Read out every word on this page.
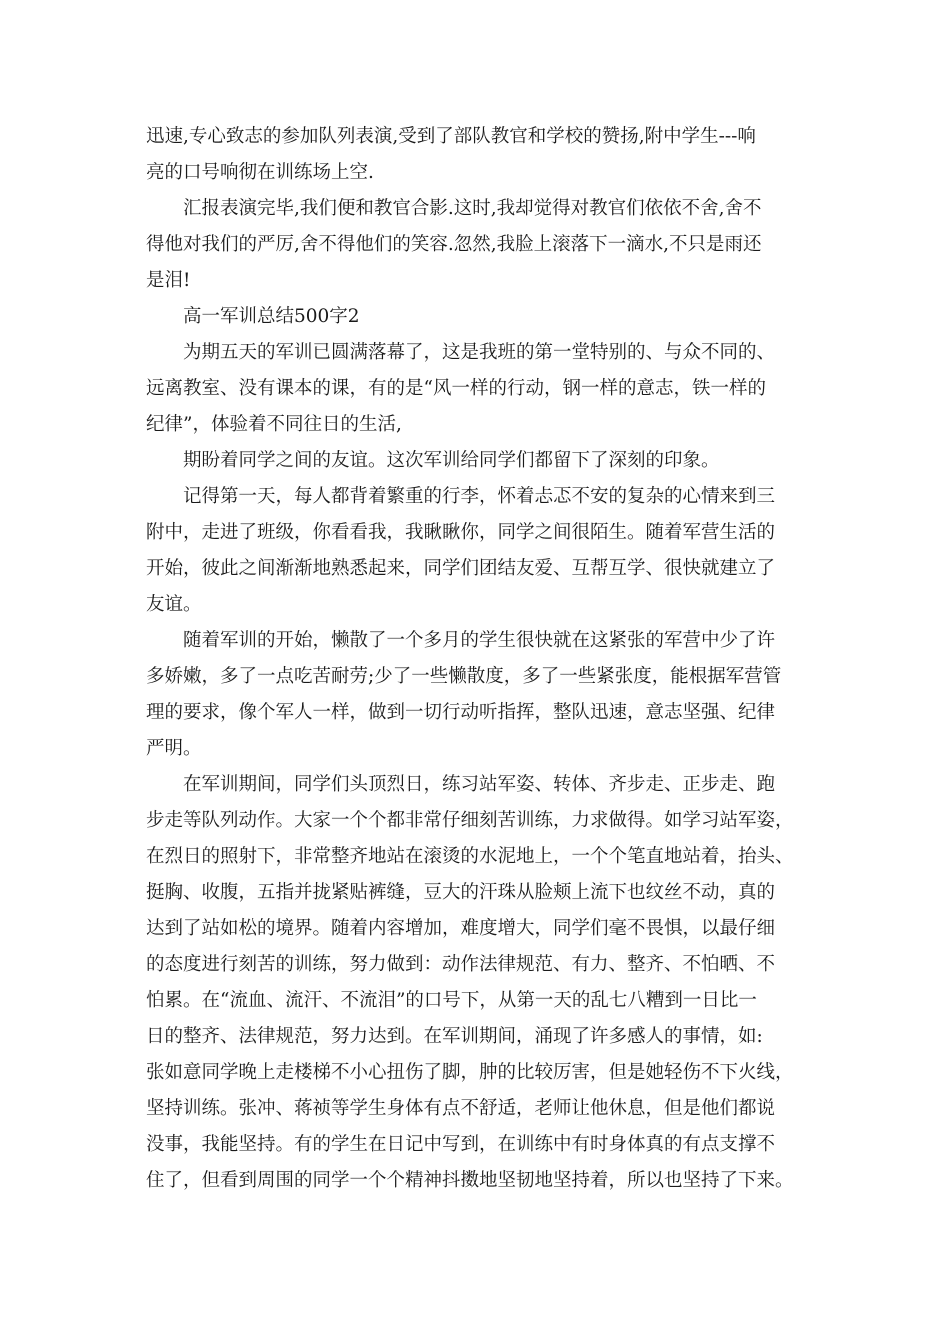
迅速,专心致志的参加队列表演,受到了部队教官和学校的赞扬,附中学生---响
亮的口号响彻在训练场上空.
汇报表演完毕,我们便和教官合影.这时,我却觉得对教官们依依不舍,舍不
得他对我们的严厉,舍不得他们的笑容.忽然,我脸上滚落下一滴水,不只是雨还
是泪!
高一军训总结500字2
为期五天的军训已圆满落幕了，这是我班的第一堂特别的、与众不同的、
远离教室、没有课本的课，有的是“风一样的行动，钢一样的意志，铁一样的
纪律”，体验着不同往日的生活,
期盼着同学之间的友谊。这次军训给同学们都留下了深刻的印象。
记得第一天，每人都背着繁重的行李，怀着忐忑不安的复杂的心情来到三
附中，走进了班级，你看看我，我瞅瞅你，同学之间很陌生。随着军营生活的
开始，彼此之间渐渐地熟悉起来，同学们团结友爱、互帮互学、很快就建立了
友谊。
随着军训的开始，懒散了一个多月的学生很快就在这紧张的军营中少了许
多娇嫩，多了一点吃苦耐劳;少了一些懒散度，多了一些紧张度，能根据军营管
理的要求，像个军人一样，做到一切行动听指挥，整队迅速，意志坚强、纪律
严明。
在军训期间，同学们头顶烈日，练习站军姿、转体、齐步走、正步走、跑
步走等队列动作。大家一个个都非常仔细刻苦训练，力求做得。如学习站军姿，
在烈日的照射下，非常整齐地站在滚烫的水泥地上，一个个笔直地站着，抬头、
挺胸、收腹，五指并拢紧贴裤缝，豆大的汗珠从脸颊上流下也纹丝不动，真的
达到了站如松的境界。随着内容增加，难度增大，同学们毫不畏惧，以最仔细
的态度进行刻苦的训练，努力做到：动作法律规范、有力、整齐、不怕晒、不
怕累。在“流血、流汗、不流泪”的口号下，从第一天的乱七八糟到一日比一
日的整齐、法律规范，努力达到。在军训期间，涌现了许多感人的事情，如:
张如意同学晚上走楼梯不小心扭伤了脚，肿的比较厉害，但是她轻伤不下火线，
坚持训练。张冲、蒋祯等学生身体有点不舒适，老师让他休息，但是他们都说
没事，我能坚持。有的学生在日记中写到，在训练中有时身体真的有点支撑不
住了，但看到周围的同学一个个精神抖擞地坚韧地坚持着，所以也坚持了下来。
